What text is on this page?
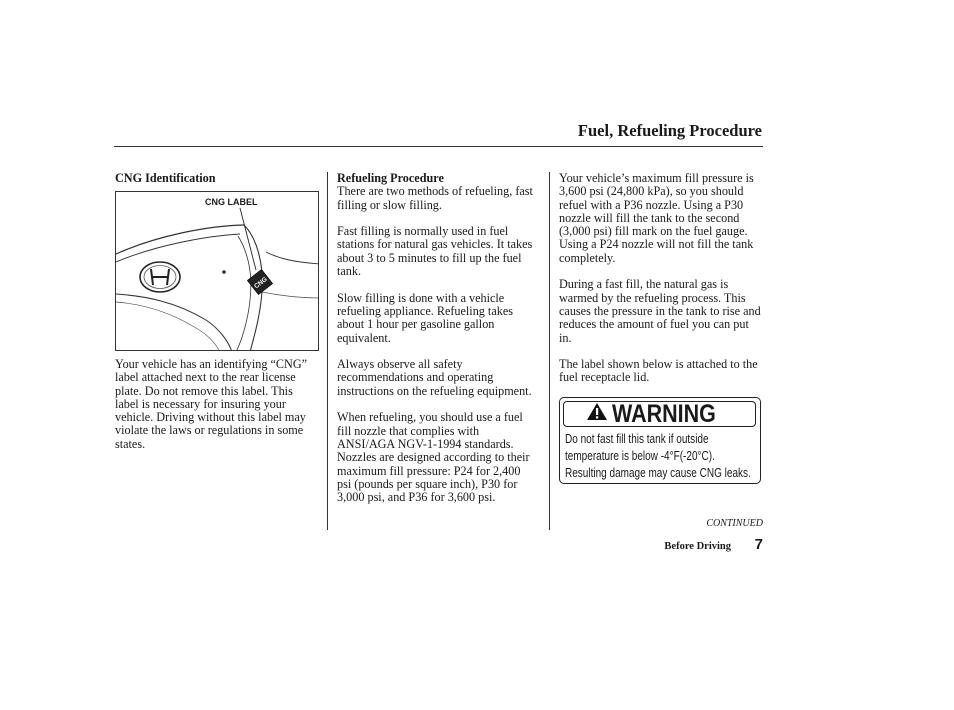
Fuel, Refueling Procedure
CNG Identification
CNG
CNG LABEL

Your vehicle has an identifying “CNG” label attached next to the rear license plate. Do not remove this label. This label is necessary for insuring your vehicle. Driving without this label may violate the laws or regulations in some states.

Refueling Procedure

There are two methods of refueling, fast filling or slow filling.

Fast filling is normally used in fuel stations for natural gas vehicles. It takes about 3 to 5 minutes to fill up the fuel tank.

Slow filling is done with a vehicle refueling appliance. Refueling takes about 1 hour per gasoline gallon equivalent.

Always observe all safety recommendations and operating instructions on the refueling equipment.

When refueling, you should use a fuel fill nozzle that complies with ANSI/AGA NGV-1-1994 standards. Nozzles are designed according to their maximum fill pressure: P24 for 2,400 psi (pounds per square inch), P30 for 3,000 psi, and P36 for 3,600 psi.

Your vehicle’s maximum fill pressure is 3,600 psi (24,800 kPa), so you should refuel with a P36 nozzle. Using a P30 nozzle will fill the tank to the second (3,000 psi) fill mark on the fuel gauge. Using a P24 nozzle will not fill the tank completely.

During a fast fill, the natural gas is warmed by the refueling process. This causes the pressure in the tank to rise and reduces the amount of fuel you can put in.

The label shown below is attached to the fuel receptacle lid.

WARNING
Do not fast fill this tank if outside
temperature is below -4°F(-20°C).
Resulting damage may cause CNG leaks.
CONTINUED
Before Driving 7
